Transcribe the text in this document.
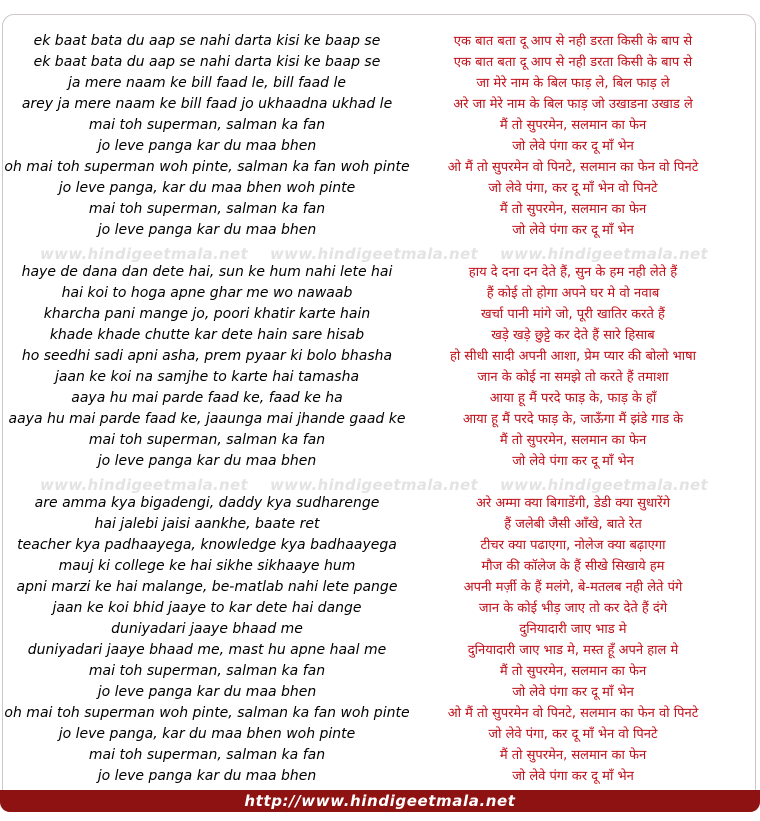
ek baat bata du aap se nahi darta kisi ke baap se	एक बात बता दू आप से नही डरता किसी के बाप से
ek baat bata du aap se nahi darta kisi ke baap se	एक बात बता दू आप से नही डरता किसी के बाप से
ja mere naam ke bill faad le, bill faad le	जा मेरे नाम के बिल फाड़ ले, बिल फाड़ ले
arey ja mere naam ke bill faad jo ukhaadna ukhad le	अरे जा मेरे नाम के बिल फाड़ जो उखाडना उखाड ले
mai toh superman, salman ka fan	मैं तो सुपरमेन, सलमान का फेन
jo leve panga kar du maa bhen	जो लेवे पंगा कर दू माँ भेन
oh mai toh superman woh pinte, salman ka fan woh pinte	ओ मैं तो सुपरमेन वो पिनटे, सलमान का फेन वो पिनटे
jo leve panga, kar du maa bhen woh pinte	जो लेवे पंगा, कर दू माँ भेन वो पिनटे
mai toh superman, salman ka fan	मैं तो सुपरमेन, सलमान का फेन
jo leve panga kar du maa bhen	जो लेवे पंगा कर दू माँ भेन
haye de dana dan dete hai, sun ke hum nahi lete hai	हाय दे दना दन देते हैं, सुन के हम नही लेते हैं
hai koi to hoga apne ghar me wo nawaab	हैं कोई तो होगा अपने घर मे वो नवाब
kharcha pani mange jo, poori khatir karte hain	खर्चा पानी मांगे जो, पूरी खातिर करते हैं
khade khade chutte kar dete hain sare hisab	खड़े खड़े छुट्टे कर देते हैं सारे हिसाब
ho seedhi sadi apni asha, prem pyaar ki bolo bhasha	हो सीधी सादी अपनी आशा, प्रेम प्यार की बोलो भाषा
jaan ke koi na samjhe to karte hai tamasha	जान के कोई ना समझे तो करते हैं तमाशा
aaya hu mai parde faad ke, faad ke ha	आया हू मैं परदे फाड़ के, फाड़ के हाँ
aaya hu mai parde faad ke, jaaunga mai jhande gaad ke	आया हू मैं परदे फाड़ के, जाऊँगा मैं झंडे गाड के
mai toh superman, salman ka fan	मैं तो सुपरमेन, सलमान का फेन
jo leve panga kar du maa bhen	जो लेवे पंगा कर दू माँ भेन
are amma kya bigadengi, daddy kya sudharenge	अरे अम्मा क्या बिगाडेंगी, डेडी क्या सुधारेंगे
hai jalebi jaisi aankhe, baate ret	हैं जलेबी जैसी आँखे, बाते रेत
teacher kya padhaayega, knowledge kya badhaayega	टीचर क्या पढाएगा, नोलेज क्या बढ़ाएगा
mauj ki college ke hai sikhe sikhaaye hum	मौज की कॉलेज के हैं सीखे सिखाये हम
apni marzi ke hai malange, be-matlab nahi lete pange	अपनी मर्ज़ी के हैं मलंगे, बे-मतलब नही लेते पंगे
jaan ke koi bhid jaaye to kar dete hai dange	जान के कोई भीड़ जाए तो कर देते हैं दंगे
duniyadari jaaye bhaad me	दुनियादारी जाए भाड मे
duniyadari jaaye bhaad me, mast hu apne haal me	दुनियादारी जाए भाड मे, मस्त हूँ अपने हाल मे
mai toh superman, salman ka fan	मैं तो सुपरमेन, सलमान का फेन
jo leve panga kar du maa bhen	जो लेवे पंगा कर दू माँ भेन
oh mai toh superman woh pinte, salman ka fan woh pinte	ओ मैं तो सुपरमेन वो पिनटे, सलमान का फेन वो पिनटे
jo leve panga, kar du maa bhen woh pinte	जो लेवे पंगा, कर दू माँ भेन वो पिनटे
mai toh superman, salman ka fan	मैं तो सुपरमेन, सलमान का फेन
jo leve panga kar du maa bhen	जो लेवे पंगा कर दू माँ भेन
www.hindigeetmala.net www.hindigeetmala.net www.hindigeetmala.net
www.hindigeetmala.net www.hindigeetmala.net www.hindigeetmala.net
http://www.hindigeetmala.net
